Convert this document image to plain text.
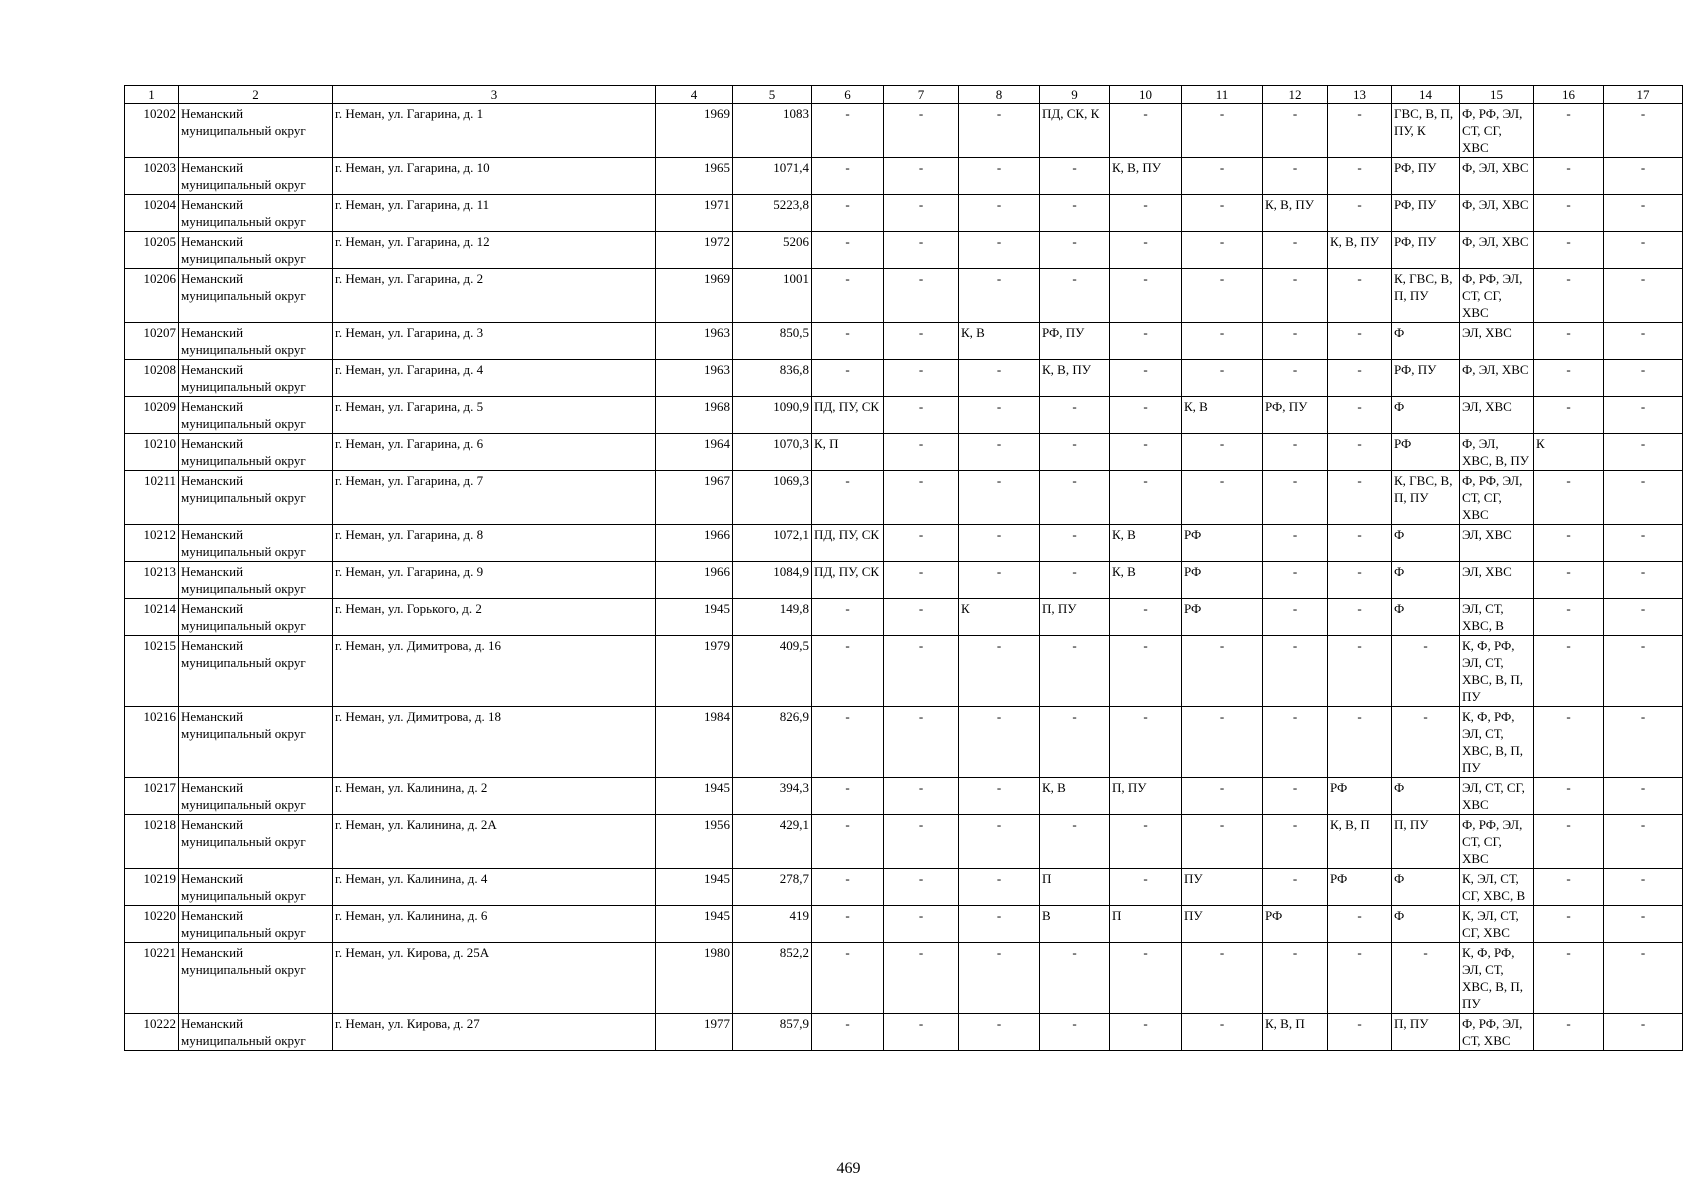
1	2	3	4	5	6	7	8	9	10	11	12	13	14	15	16	17
10202	Неманский муниципальный округ	г. Неман, ул. Гагарина, д. 1	1969	1083	-	-	-	ПД, СК, К	-	-	-	-	ГВС, В, П, ПУ, К	Ф, РФ, ЭЛ, СТ, СГ, ХВС	-	-
10203	Неманский муниципальный округ	г. Неман, ул. Гагарина, д. 10	1965	1071,4	-	-	-	-	К, В, ПУ	-	-	-	РФ, ПУ	Ф, ЭЛ, ХВС	-	-
10204	Неманский муниципальный округ	г. Неман, ул. Гагарина, д. 11	1971	5223,8	-	-	-	-	-	-	К, В, ПУ	-	РФ, ПУ	Ф, ЭЛ, ХВС	-	-
10205	Неманский муниципальный округ	г. Неман, ул. Гагарина, д. 12	1972	5206	-	-	-	-	-	-	-	К, В, ПУ	РФ, ПУ	Ф, ЭЛ, ХВС	-	-
10206	Неманский муниципальный округ	г. Неман, ул. Гагарина, д. 2	1969	1001	-	-	-	-	-	-	-	-	К, ГВС, В, П, ПУ	Ф, РФ, ЭЛ, СТ, СГ, ХВС	-	-
10207	Неманский муниципальный округ	г. Неман, ул. Гагарина, д. 3	1963	850,5	-	-	К, В	РФ, ПУ	-	-	-	-	Ф	ЭЛ, ХВС	-	-
10208	Неманский муниципальный округ	г. Неман, ул. Гагарина, д. 4	1963	836,8	-	-	-	К, В, ПУ	-	-	-	-	РФ, ПУ	Ф, ЭЛ, ХВС	-	-
10209	Неманский муниципальный округ	г. Неман, ул. Гагарина, д. 5	1968	1090,9	ПД, ПУ, СК	-	-	-	-	К, В	РФ, ПУ	-	Ф	ЭЛ, ХВС	-	-
10210	Неманский муниципальный округ	г. Неман, ул. Гагарина, д. 6	1964	1070,3	К, П	-	-	-	-	-	-	-	РФ	Ф, ЭЛ, ХВС, В, ПУ	К	-
10211	Неманский муниципальный округ	г. Неман, ул. Гагарина, д. 7	1967	1069,3	-	-	-	-	-	-	-	-	К, ГВС, В, П, ПУ	Ф, РФ, ЭЛ, СТ, СГ, ХВС	-	-
10212	Неманский муниципальный округ	г. Неман, ул. Гагарина, д. 8	1966	1072,1	ПД, ПУ, СК	-	-	-	К, В	РФ	-	-	Ф	ЭЛ, ХВС	-	-
10213	Неманский муниципальный округ	г. Неман, ул. Гагарина, д. 9	1966	1084,9	ПД, ПУ, СК	-	-	-	К, В	РФ	-	-	Ф	ЭЛ, ХВС	-	-
10214	Неманский муниципальный округ	г. Неман, ул. Горького, д. 2	1945	149,8	-	-	К	П, ПУ	-	РФ	-	-	Ф	ЭЛ, СТ, ХВС, В	-	-
10215	Неманский муниципальный округ	г. Неман, ул. Димитрова, д. 16	1979	409,5	-	-	-	-	-	-	-	-	-	К, Ф, РФ, ЭЛ, СТ, ХВС, В, П, ПУ	-	-
10216	Неманский муниципальный округ	г. Неман, ул. Димитрова, д. 18	1984	826,9	-	-	-	-	-	-	-	-	-	К, Ф, РФ, ЭЛ, СТ, ХВС, В, П, ПУ	-	-
10217	Неманский муниципальный округ	г. Неман, ул. Калинина, д. 2	1945	394,3	-	-	-	К, В	П, ПУ	-	-	РФ	Ф	ЭЛ, СТ, СГ, ХВС	-	-
10218	Неманский муниципальный округ	г. Неман, ул. Калинина, д. 2А	1956	429,1	-	-	-	-	-	-	-	К, В, П	П, ПУ	Ф, РФ, ЭЛ, СТ, СГ, ХВС	-	-
10219	Неманский муниципальный округ	г. Неман, ул. Калинина, д. 4	1945	278,7	-	-	-	П	-	ПУ	-	РФ	Ф	К, ЭЛ, СТ, СГ, ХВС, В	-	-
10220	Неманский муниципальный округ	г. Неман, ул. Калинина, д. 6	1945	419	-	-	-	В	П	ПУ	РФ	-	Ф	К, ЭЛ, СТ, СГ, ХВС	-	-
10221	Неманский муниципальный округ	г. Неман, ул. Кирова, д. 25А	1980	852,2	-	-	-	-	-	-	-	-	-	К, Ф, РФ, ЭЛ, СТ, ХВС, В, П, ПУ	-	-
10222	Неманский муниципальный округ	г. Неман, ул. Кирова, д. 27	1977	857,9	-	-	-	-	-	-	К, В, П	-	П, ПУ	Ф, РФ, ЭЛ, СТ, ХВС	-	-
469
